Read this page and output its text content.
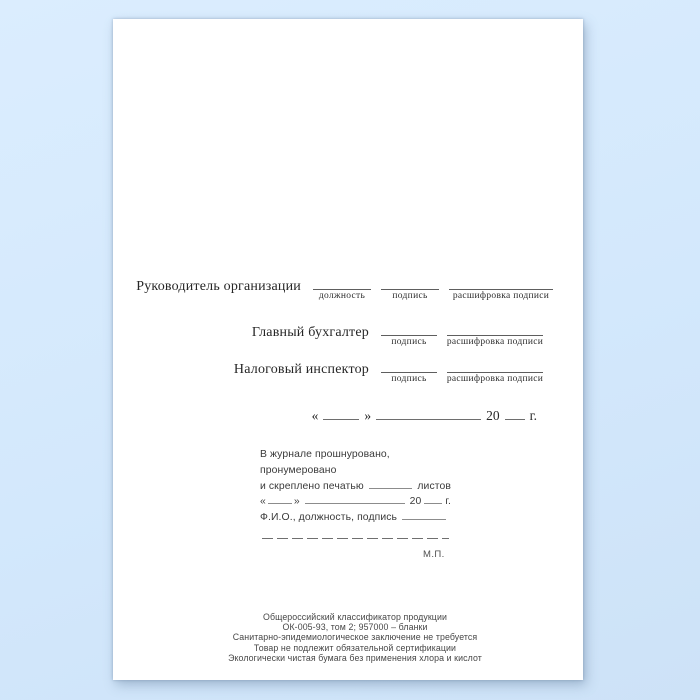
Руководитель организации
должность	подпись	расшифровка подписи
Главный бухгалтер
подпись расшифровка подписи
Налоговый инспектор
подпись расшифровка подписи
«	»	20 г.
В журнале прошнуровано, пронумеровано
и скреплено печатью	листов
«	»	20 г.
Ф.И.О., должность, подпись
М.П.
Общероссийский классификатор продукции
ОК-005-93, том 2; 957000 – бланки
Санитарно-эпидемиологическое заключение не требуется
Товар не подлежит обязательной сертификации
Экологически чистая бумага без применения хлора и кислот
